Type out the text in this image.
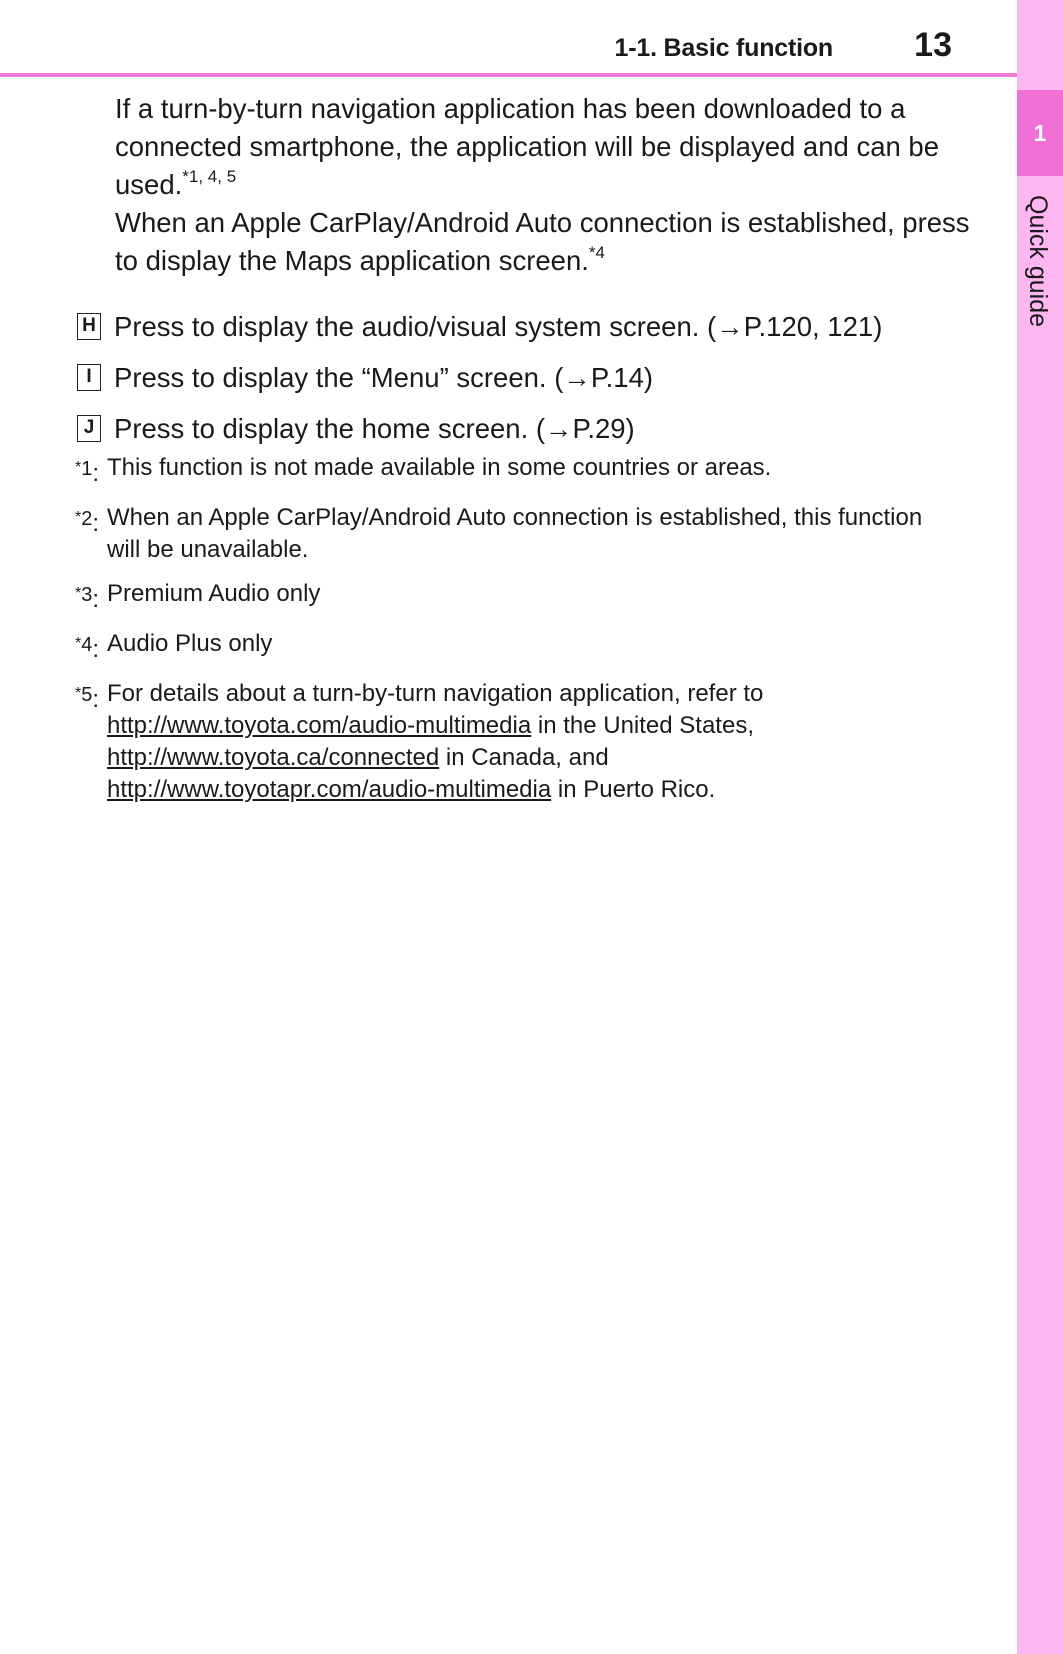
1-1. Basic function 13
1
Quick guide

If a turn-by-turn navigation application has been downloaded to a connected smartphone, the application will be displayed and can be used.$^{*1, 4, 5}$

When an Apple CarPlay/Android Auto connection is established, press to display the Maps application screen.$^{*4}$

H Press to display the audio/visual system screen. (→P.120, 121)
I Press to display the “Menu” screen. (→P.14)
J Press to display the home screen. (→P.29)
$^{*1}$: This function is not made available in some countries or areas.
$^{*2}$: When an Apple CarPlay/Android Auto connection is established, this function will be unavailable.
$^{*3}$: Premium Audio only
$^{*4}$: Audio Plus only
$^{*5}$: For details about a turn-by-turn navigation application, refer to
http://www.toyota.com/audio-multimedia in the United States,
http://www.toyota.ca/connected in Canada, and
http://www.toyotapr.com/audio-multimedia in Puerto Rico.
